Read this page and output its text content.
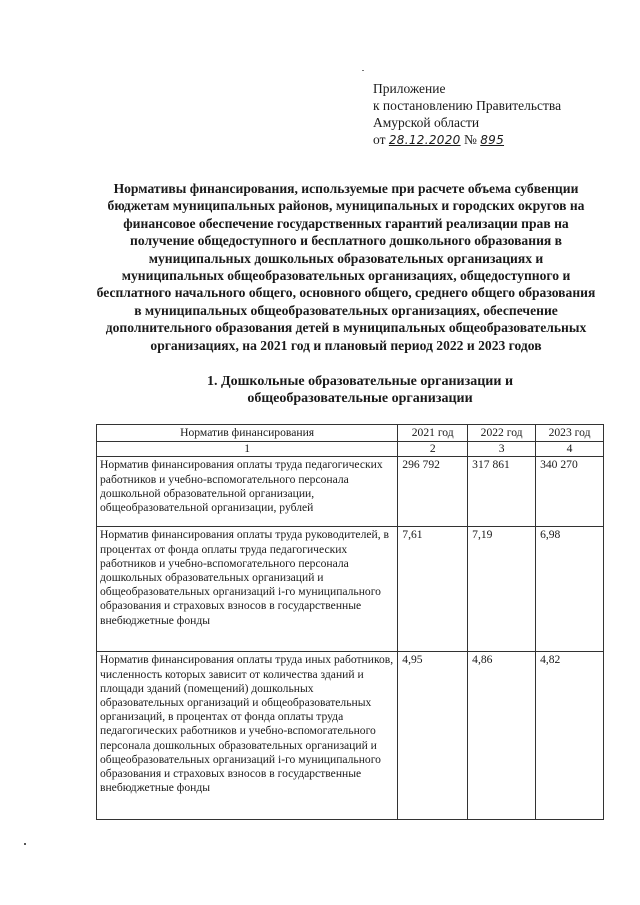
Приложение
к постановлению Правительства
Амурской области
от 28.12.2020 № 895
Нормативы финансирования, используемые при расчете объема субвенции бюджетам муниципальных районов, муниципальных и городских округов на финансовое обеспечение государственных гарантий реализации прав на получение общедоступного и бесплатного дошкольного образования в муниципальных дошкольных образовательных организациях и муниципальных общеобразовательных организациях, общедоступного и бесплатного начального общего, основного общего, среднего общего образования в муниципальных общеобразовательных организациях, обеспечение дополнительного образования детей в муниципальных общеобразовательных организациях, на 2021 год и плановый период 2022 и 2023 годов
1. Дошкольные образовательные организации и
общеобразовательные организации
Норматив финансирования	2021 год	2022 год	2023 год
1	2	3	4
Норматив финансирования оплаты труда педагогических работников и учебно-вспомогательного персонала дошкольной образовательной организации, общеобразовательной организации, рублей	296 792	317 861	340 270
Норматив финансирования оплаты труда руководителей, в процентах от фонда оплаты труда педагогических работников и учебно-вспомогательного персонала дошкольных образовательных организаций и общеобразовательных организаций i-го муниципального образования и страховых взносов в государственные внебюджетные фонды	7,61	7,19	6,98
Норматив финансирования оплаты труда иных работников, численность которых зависит от количества зданий и площади зданий (помещений) дошкольных образовательных организаций и общеобразовательных организаций, в процентах от фонда оплаты труда педагогических работников и учебно-вспомогательного персонала дошкольных образовательных организаций и общеобразовательных организаций i-го муниципального образования и страховых взносов в государственные внебюджетные фонды	4,95	4,86	4,82
